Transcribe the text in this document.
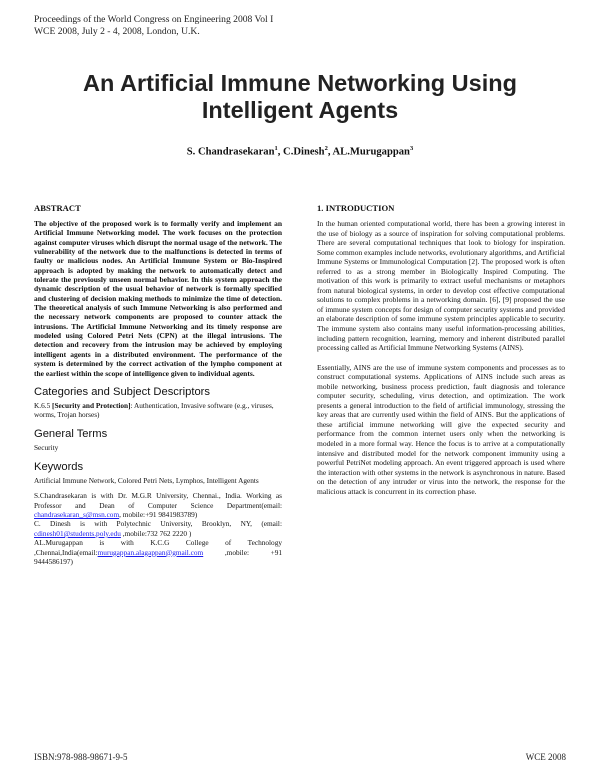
Proceedings of the World Congress on Engineering 2008 Vol I
WCE 2008, July 2 - 4, 2008, London, U.K.
An Artificial Immune Networking Using
Intelligent Agents
S. Chandrasekaran$^1$, C.Dinesh$^2$, AL.Murugappan$^3$
ABSTRACT

The objective of the proposed work is to formally verify and implement an Artificial Immune Networking model. The work focuses on the protection against computer viruses which disrupt the normal usage of the network. The vulnerability of the network due to the malfunctions is detected in terms of faulty or malicious nodes. An Artificial Immune System or Bio-Inspired approach is adopted by making the network to automatically detect and tolerate the previously unseen normal behavior. In this system approach the dynamic description of the usual behavior of network is formally specified and clustering of decision making methods to minimize the time of detection. The theoretical analysis of such Immune Networking is also performed and the necessary network components are proposed to counter attack the intrusions. The Artificial Immune Networking and its timely response are modeled using Colored Petri Nets (CPN) at the illegal intrusions. The detection and recovery from the intrusion may be achieved by employing intelligent agents in a distributed environment. The performance of the system is determined by the correct activation of the lympho component at the earliest within the scope of intelligence given to individual agents.

Categories and Subject Descriptors

K.6.5 [Security and Protection]: Authentication, Invasive software (e.g., viruses, worms, Trojan horses)

General Terms

Security

Keywords

Artificial Immune Network, Colored Petri Nets, Lymphos, Intelligent Agents

S.Chandrasekaran is with Dr. M.G.R University, Chennai., India. Working as Professor and Dean of Computer Science Department(email: chandrasekaran_s@msn.com, mobile:+91 9841983789)

C. Dinesh is with Polytechnic University, Brooklyn, NY, (email: cdinesh01@students.poly.edu ,mobile:732 762 2220 )

AL.Murugappan is with K.C.G College of Technology ,Chennai,India(email:murugappan.alagappan@gmail.com ,mobile: +91 9444586197)

1. INTRODUCTION

In the human oriented computational world, there has been a growing interest in the use of biology as a source of inspiration for solving computational problems. There are several computational techniques that look to biology for inspiration. Some common examples include networks, evolutionary algorithms, and Artificial Immune Systems or Immunological Computation [2]. The proposed work is often referred to as a strong member in Biologically Inspired Computing. The motivation of this work is primarily to extract useful mechanisms or metaphors from natural biological systems, in order to develop cost effective computational solutions to complex problems in a networking domain. [6], [9] proposed the use of immune system concepts for design of computer security systems and provided an elaborate description of some immune system principles applicable to security. The immune system also contains many useful information-processing abilities, including pattern recognition, learning, memory and inherent distributed parallel processing called as Artificial Immune Networking Systems (AINS).

Essentially, AINS are the use of immune system components and processes as to construct computational systems. Applications of AINS include such areas as mobile networking, business process prediction, fault diagnosis and tolerance computer security, scheduling, virus detection, and optimization. The work presents a general introduction to the field of artificial immunology, stressing the key areas that are currently used within the field of AINS. But the applications of these artificial immune networking will give the expected security and performance from the common internet users only when the networking is modeled in a more formal way. Hence the focus is to arrive at a computationally intensive and distributed model for the network component immunity using a powerful PetriNet modeling approach. An event triggered approach is used where the interaction with other systems in the network is asynchronous in nature. Based on the detection of any intruder or virus into the network, the response for the malicious attack is concurrent in its correction phase.

ISBN:978-988-98671-9-5	WCE 2008
